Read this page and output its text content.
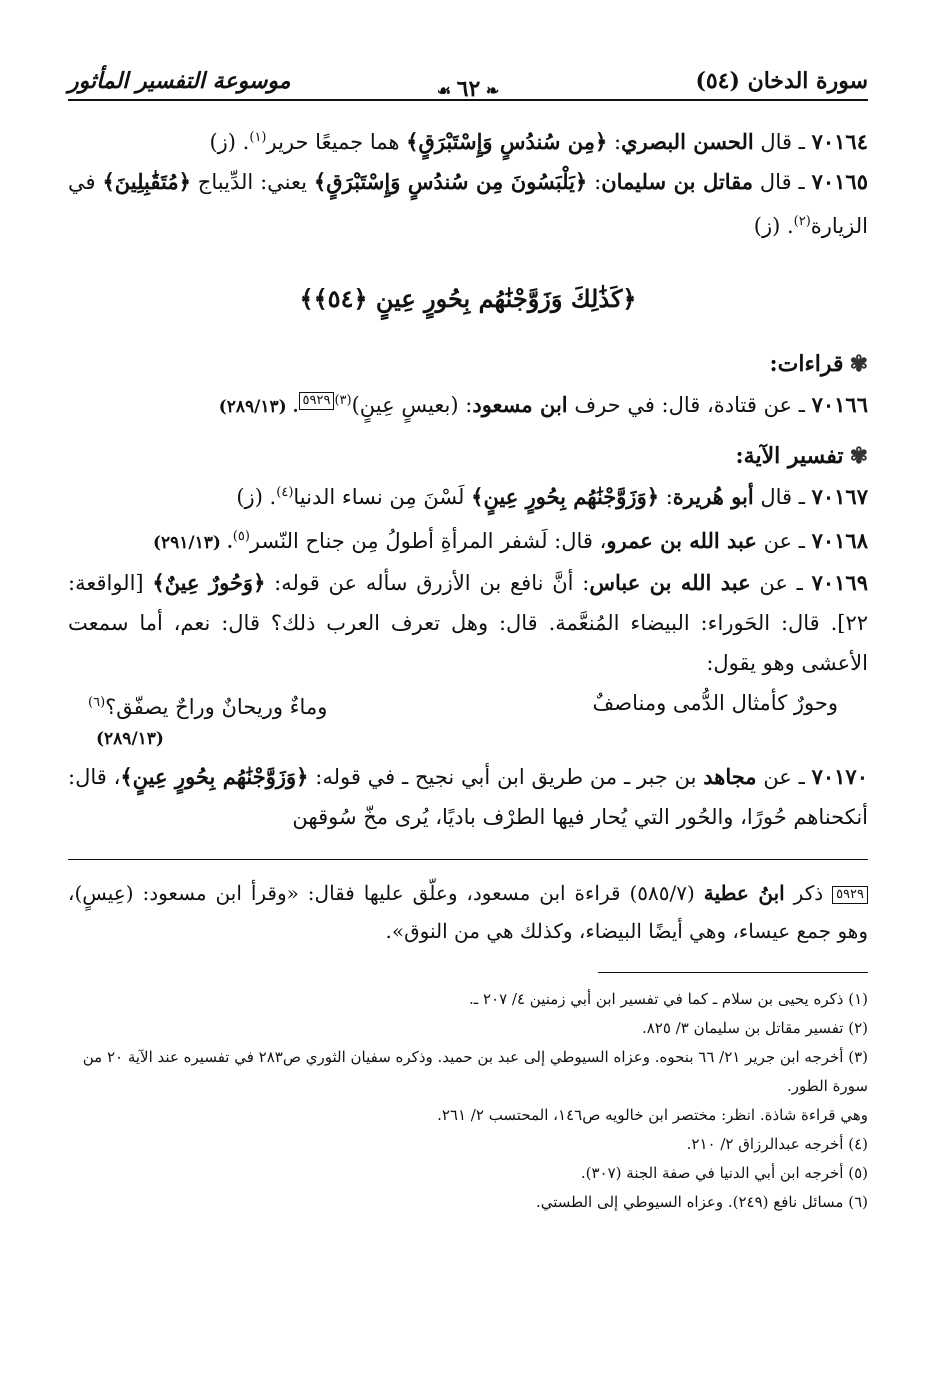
سورة الدخان (٥٤)
❧ ٦٢ ☙
موسوعة التفسير المأثور

٧٠١٦٤ ـ قال الحسن البصري: ﴿مِن سُندُسٍ وَإِسْتَبْرَقٍ﴾ هما جميعًا حرير$^{(١)}$. (ز)

٧٠١٦٥ ـ قال مقاتل بن سليمان: ﴿يَلْبَسُونَ مِن سُندُسٍ وَإِسْتَبْرَقٍ﴾ يعني: الدِّيباج ﴿مُتَقَٰبِلِينَ﴾ في الزيارة$^{(٢)}$. (ز)

﴿كَذَٰلِكَ وَزَوَّجْنَٰهُم بِحُورٍ عِينٍ ﴿٥٤﴾﴾
✾قراءات:

٧٠١٦٦ ـ عن قتادة، قال: في حرف ابن مسعود: (بعيسٍ عِينٍ)$^{(٣)}$٥٩٢٩. (٢٨٩/١٣)

✾تفسير الآية:

٧٠١٦٧ ـ قال أبو هُريرة: ﴿وَزَوَّجْنَٰهُم بِحُورٍ عِينٍ﴾ لَسْنَ مِن نساء الدنيا$^{(٤)}$. (ز)

٧٠١٦٨ ـ عن عبد الله بن عمرو، قال: لَشفر المرأةِ أطولُ مِن جناح النّسر$^{(٥)}$. (٢٩١/١٣)

٧٠١٦٩ ـ عن عبد الله بن عباس: أنَّ نافع بن الأزرق سأله عن قوله: ﴿وَحُورٌ عِينٌ﴾ [الواقعة: ٢٢]. قال: الحَوراء: البيضاء المُنعَّمة. قال: وهل تعرف العرب ذلك؟ قال: نعم، أما سمعت الأعشى وهو يقول:

وحورٌ كأمثال الدُّمى ومناصفٌ
وماءٌ وريحانٌ وراحٌ يصفّق؟$^{(٦)}$
(٢٨٩/١٣)

٧٠١٧٠ ـ عن مجاهد بن جبر ـ من طريق ابن أبي نجيح ـ في قوله: ﴿وَزَوَّجْنَٰهُم بِحُورٍ عِينٍ﴾، قال: أنكحناهم حُورًا، والحُور التي يُحار فيها الطرْف باديًا، يُرى مخّ سُوقهن

٥٩٢٩ ذكر ابنُ عطية (٥٨٥/٧) قراءة ابن مسعود، وعلّق عليها فقال: «وقرأ ابن مسعود: (عِيسٍ)، وهو جمع عيساء، وهي أيضًا البيضاء، وكذلك هي من النوق».

(١) ذكره يحيى بن سلام ـ كما في تفسير ابن أبي زمنين ٤/ ٢٠٧ ـ.

(٢) تفسير مقاتل بن سليمان ٣/ ٨٢٥.

(٣) أخرجه ابن جرير ٢١/ ٦٦ بنحوه. وعزاه السيوطي إلى عبد بن حميد. وذكره سفيان الثوري ص٢٨٣ في تفسيره عند الآية ٢٠ من سورة الطور.

وهي قراءة شاذة. انظر: مختصر ابن خالويه ص١٤٦، المحتسب ٢/ ٢٦١.

(٤) أخرجه عبدالرزاق ٢/ ٢١٠.

(٥) أخرجه ابن أبي الدنيا في صفة الجنة (٣٠٧).

(٦) مسائل نافع (٢٤٩). وعزاه السيوطي إلى الطستي.
